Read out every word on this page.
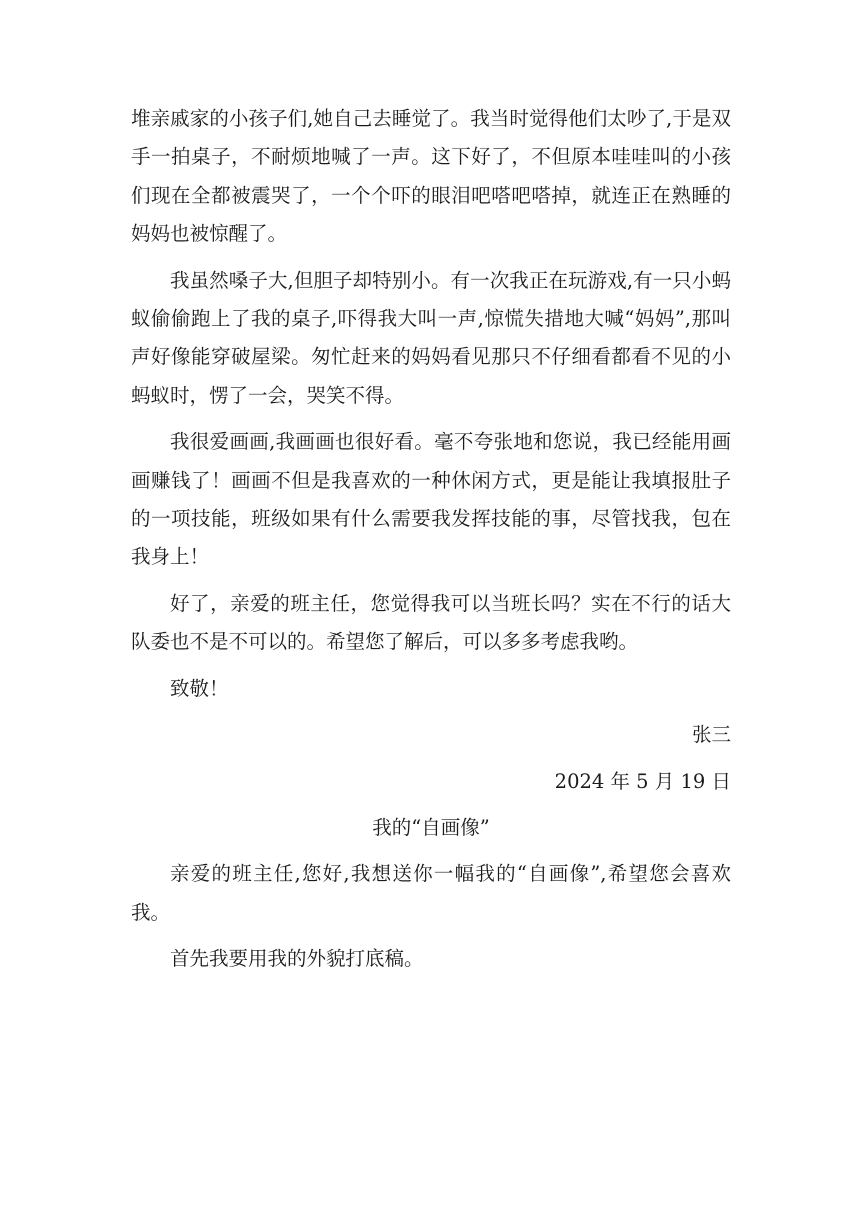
堆亲戚家的小孩子们,她自己去睡觉了。我当时觉得他们太吵了,于是双手一拍桌子，不耐烦地喊了一声。这下好了，不但原本哇哇叫的小孩们现在全都被震哭了，一个个吓的眼泪吧嗒吧嗒掉，就连正在熟睡的妈妈也被惊醒了。

我虽然嗓子大,但胆子却特别小。有一次我正在玩游戏,有一只小蚂蚁偷偷跑上了我的桌子,吓得我大叫一声,惊慌失措地大喊“妈妈”,那叫声好像能穿破屋梁。匆忙赶来的妈妈看见那只不仔细看都看不见的小蚂蚁时，愣了一会，哭笑不得。

我很爱画画,我画画也很好看。毫不夸张地和您说，我已经能用画画赚钱了！画画不但是我喜欢的一种休闲方式，更是能让我填报肚子的一项技能，班级如果有什么需要我发挥技能的事，尽管找我，包在我身上！

好了，亲爱的班主任，您觉得我可以当班长吗？实在不行的话大队委也不是不可以的。希望您了解后，可以多多考虑我哟。

致敬！

张三

2024 年 5 月 19 日

我的“自画像”

亲爱的班主任,您好,我想送你一幅我的“自画像”,希望您会喜欢我。

首先我要用我的外貌打底稿。
